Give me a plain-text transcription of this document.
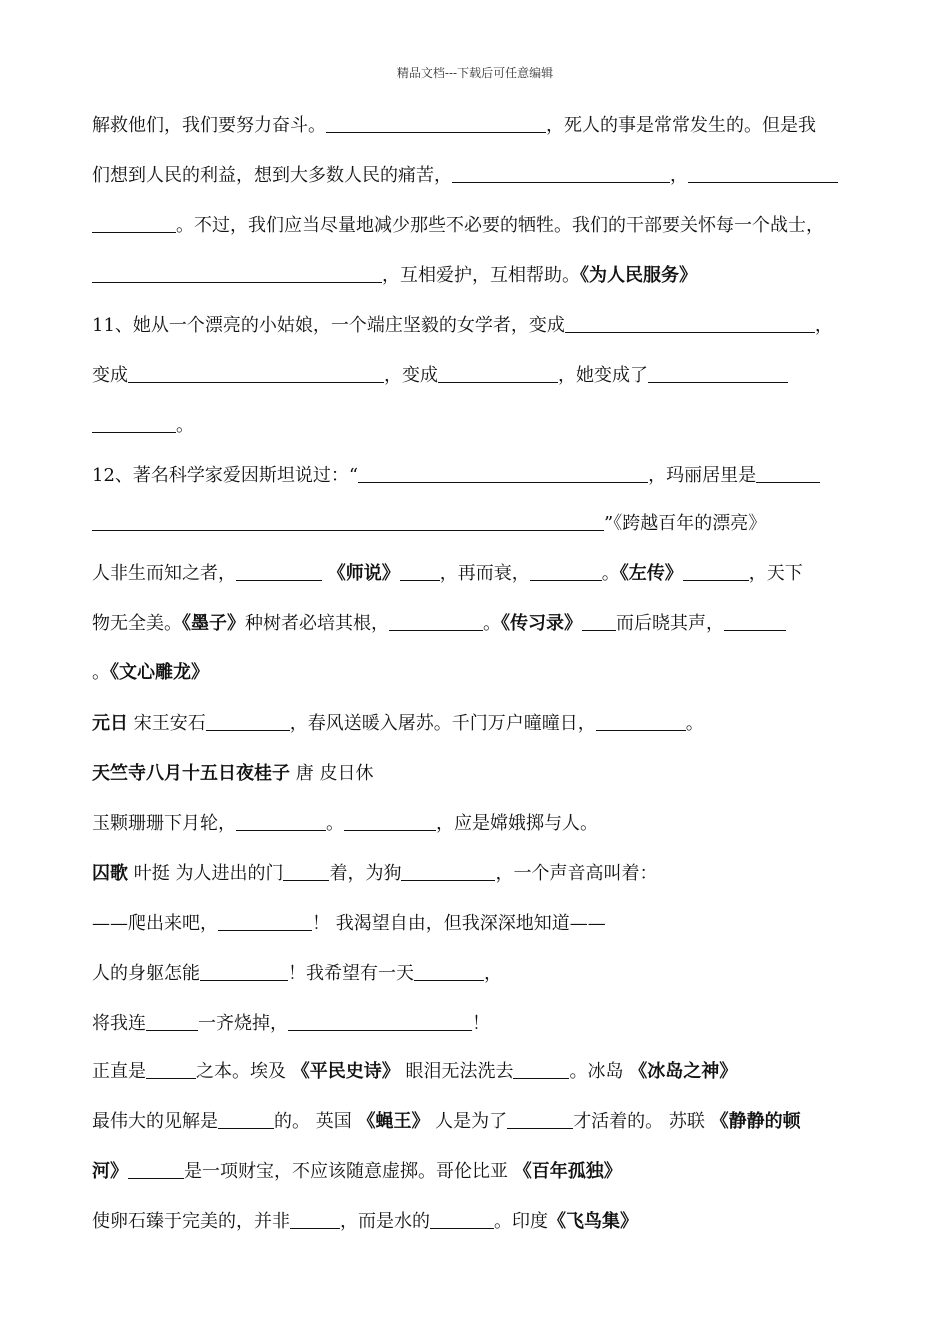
精品文档---下载后可任意编辑
解救他们，我们要努力奋斗。	，死人的事是常常发生的。但是我
们想到人民的利益，想到大多数人民的痛苦，	，
。不过，我们应当尽量地减少那些不必要的牺牲。我们的干部要关怀每一个战士，
，互相爱护，互相帮助。《为人民服务》
11、她从一个漂亮的小姑娘，一个端庄坚毅的女学者，变成	，
变成	，变成	，她变成了
。
12、著名科学家爱因斯坦说过：“	，玛丽居里是
”《跨越百年的漂亮》
人非生而知之者，	《师说》 ，再而衰，	。《左传》	，天下
物无全美。《墨子》种树者必培其根，	。《传习录》 而后晓其声，
。《文心雕龙》
元日 宋王安石	，春风送暖入屠苏。千门万户曈曈日，	。
天竺寺八月十五日夜桂子 唐 皮日休
玉颗珊珊下月轮，	。	，应是嫦娥掷与人。
囚歌 叶挺 为人进出的门	着，为狗	，一个声音高叫着：
——爬出来吧，	！ 我渴望自由，但我深深地知道——
人的身躯怎能	！我希望有一天	，
将我连	一齐烧掉，	！
正直是	之本。埃及 《平民史诗》 眼泪无法洗去	。冰岛 《冰岛之神》
最伟大的见解是	的。 英国 《蝇王》 人是为了	才活着的。 苏联 《静静的顿
河》	是一项财宝，不应该随意虚掷。哥伦比亚 《百年孤独》
使卵石臻于完美的，并非	，而是水的	。印度《飞鸟集》
